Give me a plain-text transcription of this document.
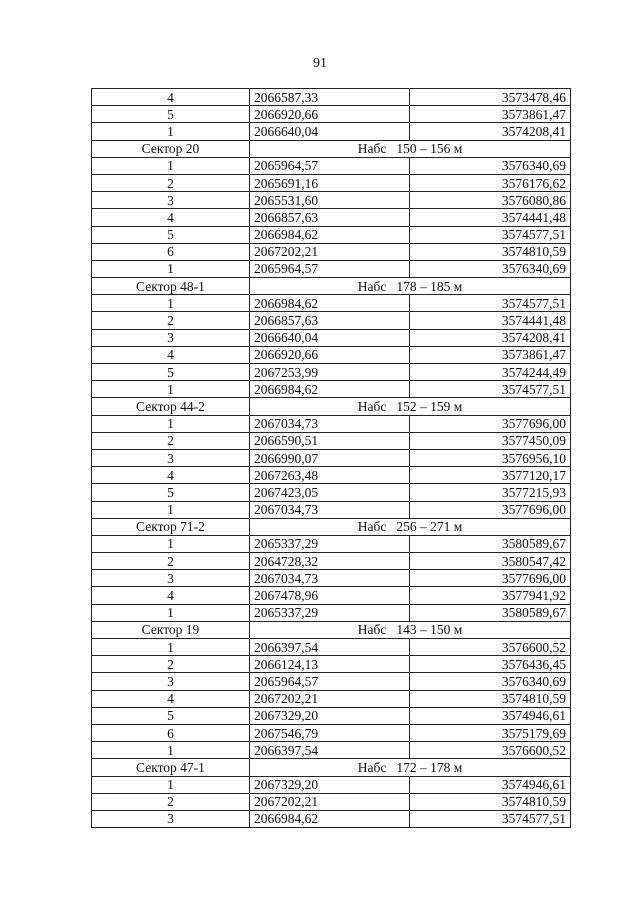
91
4	2066587,33	3573478,46
5	2066920,66	3573861,47
1	2066640,04	3574208,41
Сектор 20	Набс 150 – 156 м	
1	2065964,57	3576340,69
2	2065691,16	3576176,62
3	2065531,60	3576080,86
4	2066857,63	3574441,48
5	2066984,62	3574577,51
6	2067202,21	3574810,59
1	2065964,57	3576340,69
Сектор 48-1	Набс 178 – 185 м	
1	2066984,62	3574577,51
2	2066857,63	3574441,48
3	2066640,04	3574208,41
4	2066920,66	3573861,47
5	2067253,99	3574244,49
1	2066984,62	3574577,51
Сектор 44-2	Набс 152 – 159 м	
1	2067034,73	3577696,00
2	2066590,51	3577450,09
3	2066990,07	3576956,10
4	2067263,48	3577120,17
5	2067423,05	3577215,93
1	2067034,73	3577696,00
Сектор 71-2	Набс 256 – 271 м	
1	2065337,29	3580589,67
2	2064728,32	3580547,42
3	2067034,73	3577696,00
4	2067478,96	3577941,92
1	2065337,29	3580589,67
Сектор 19	Набс 143 – 150 м	
1	2066397,54	3576600,52
2	2066124,13	3576436,45
3	2065964,57	3576340,69
4	2067202,21	3574810,59
5	2067329,20	3574946,61
6	2067546,79	3575179,69
1	2066397,54	3576600,52
Сектор 47-1	Набс 172 – 178 м	
1	2067329,20	3574946,61
2	2067202,21	3574810,59
3	2066984,62	3574577,51
